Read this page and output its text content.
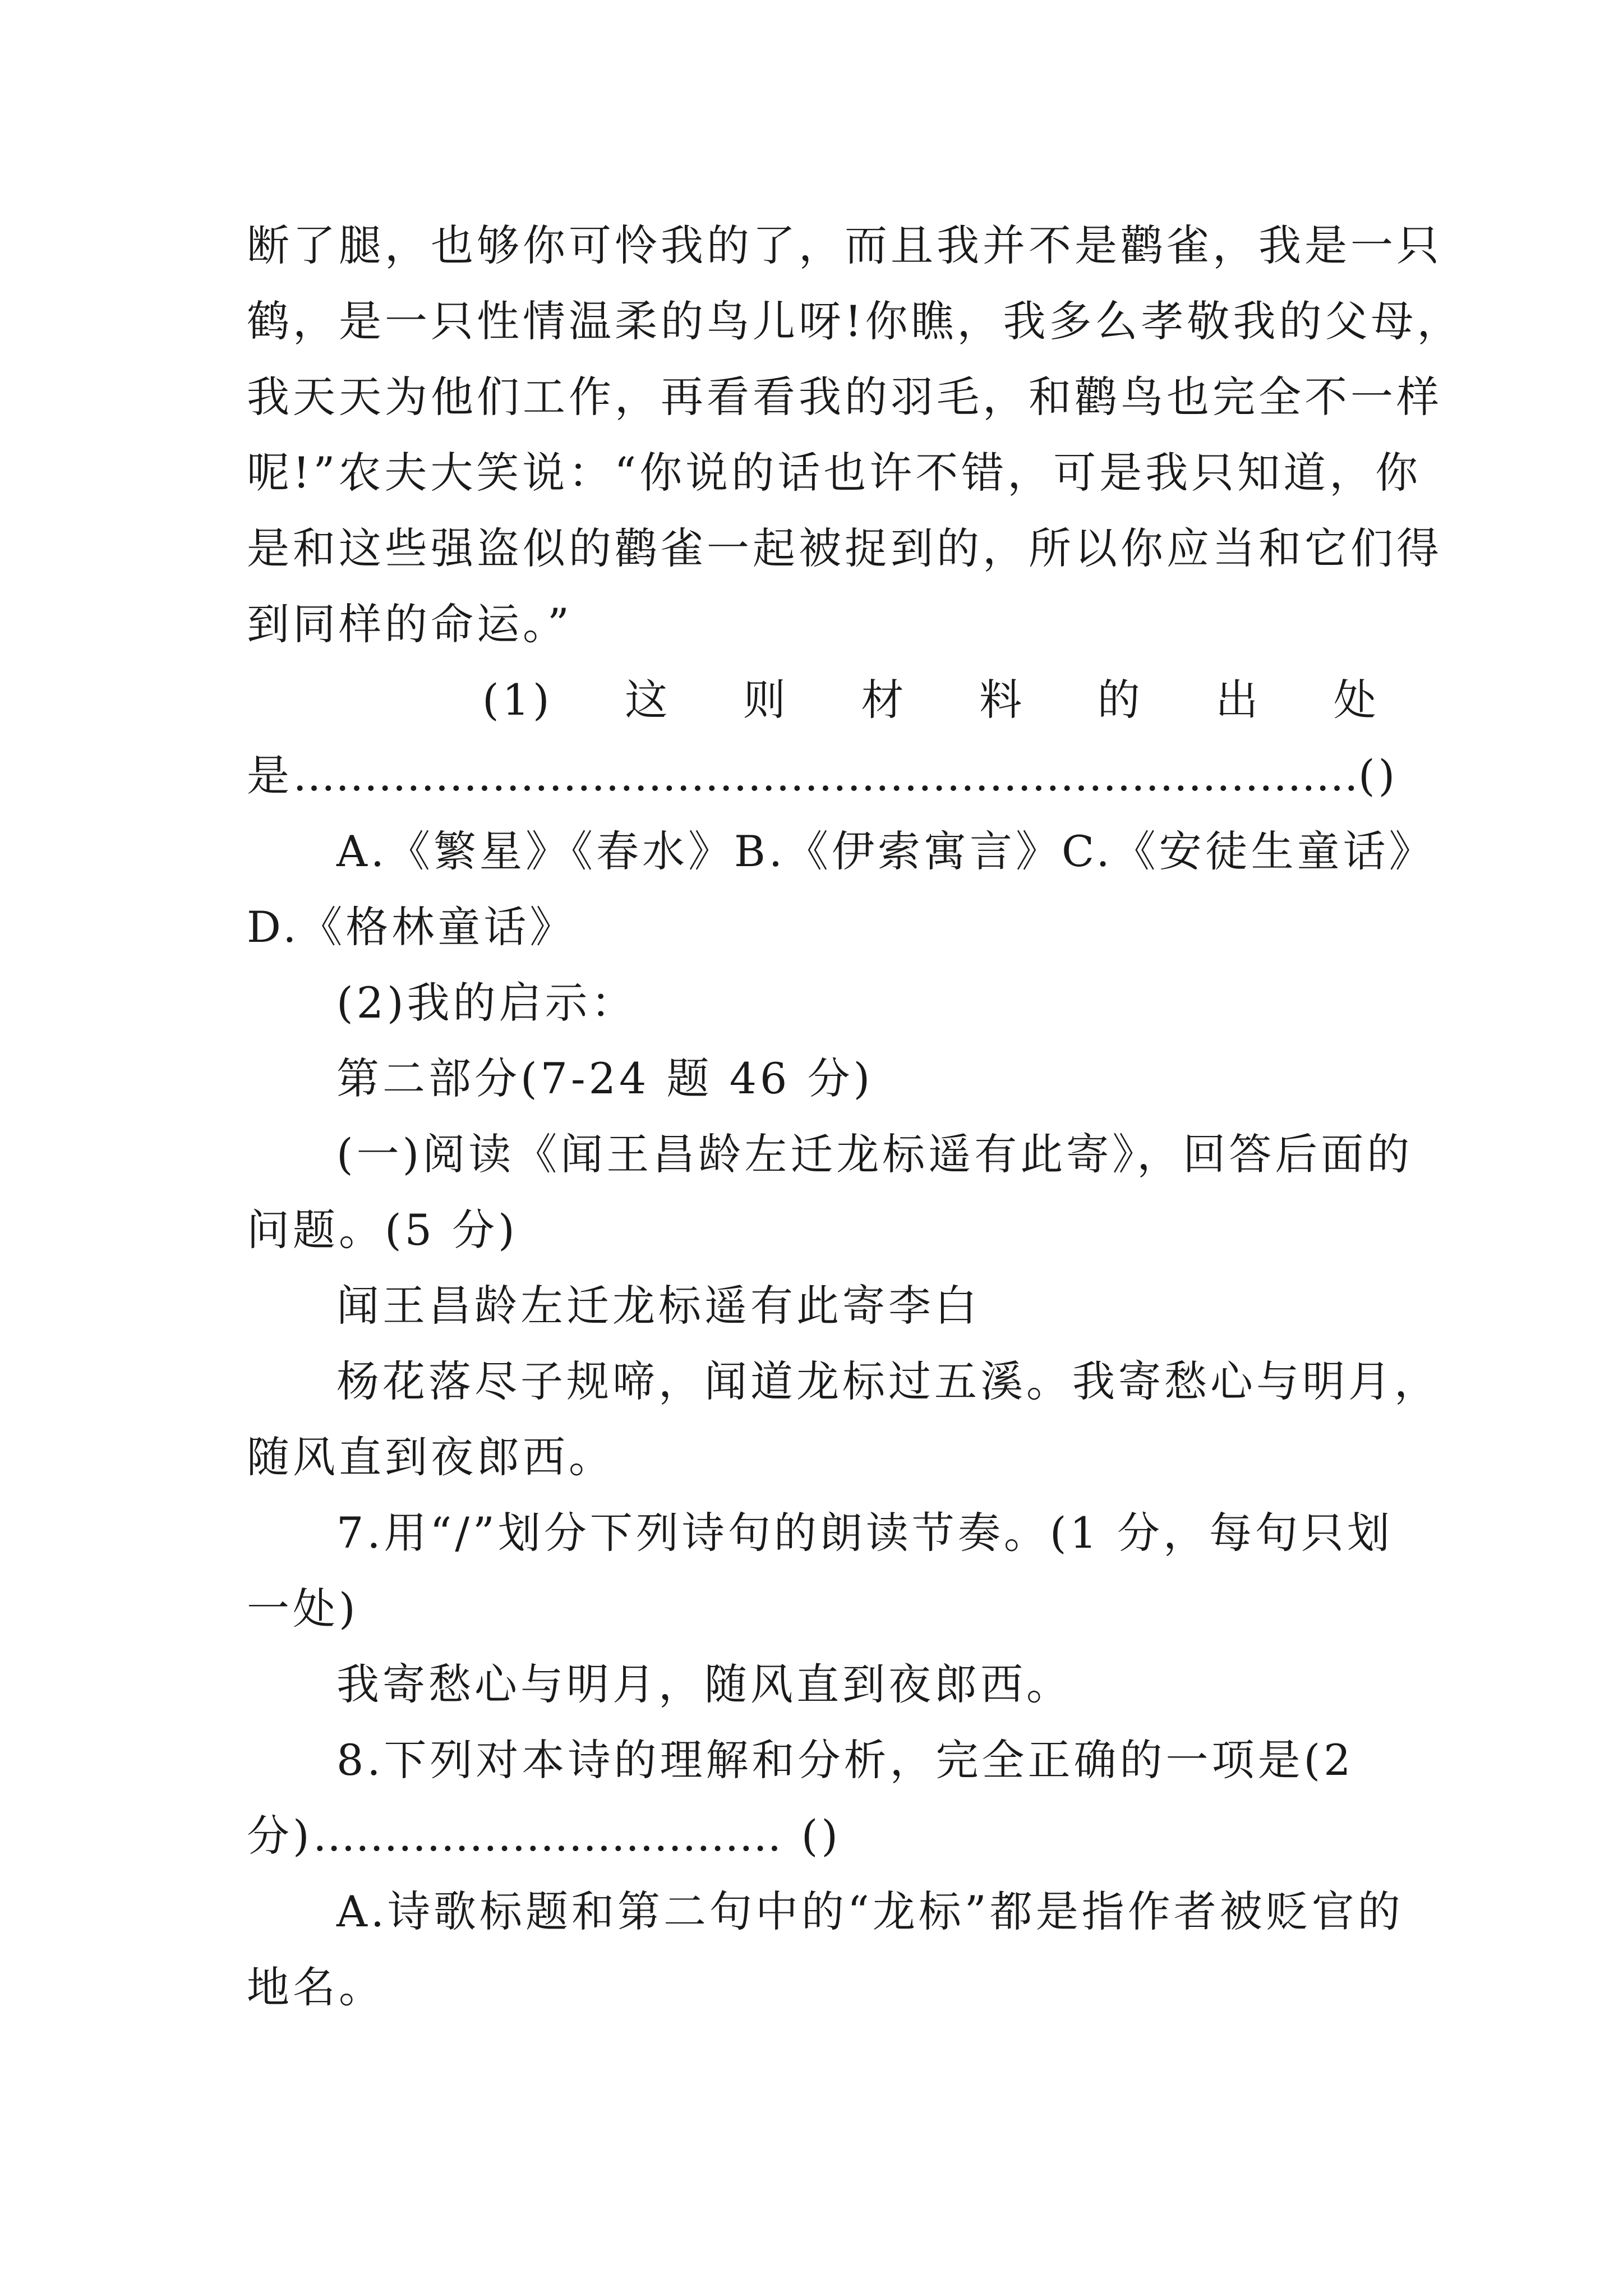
断了腿，也够你可怜我的了，而且我并不是鹳雀，我是一只
鹤，是一只性情温柔的鸟儿呀!你瞧，我多么孝敬我的父母，
我天天为他们工作，再看看我的羽毛，和鹳鸟也完全不一样
呢!”农夫大笑说：“你说的话也许不错，可是我只知道，你
是和这些强盗似的鹳雀一起被捉到的，所以你应当和它们得
到同样的命运。”
(1) 这 则 材 料 的 出 处
是 ………………………………………………………………… ()
A.《繁星》《春水》B.《伊索寓言》C.《安徒生童话》
D.《格林童话》
(2)我的启示：
第二部分(7-24 题 46 分)
(一)阅读《闻王昌龄左迁龙标遥有此寄》，回答后面的
问题。(5 分)
闻王昌龄左迁龙标遥有此寄李白
杨花落尽子规啼，闻道龙标过五溪。我寄愁心与明月，
随风直到夜郎西。
7.用“/”划分下列诗句的朗读节奏。(1 分，每句只划
一处)
我寄愁心与明月，随风直到夜郎西。
8.下列对本诗的理解和分析，完全正确的一项是(2
分) …………………………… ()
A.诗歌标题和第二句中的“龙标”都是指作者被贬官的
地名。
